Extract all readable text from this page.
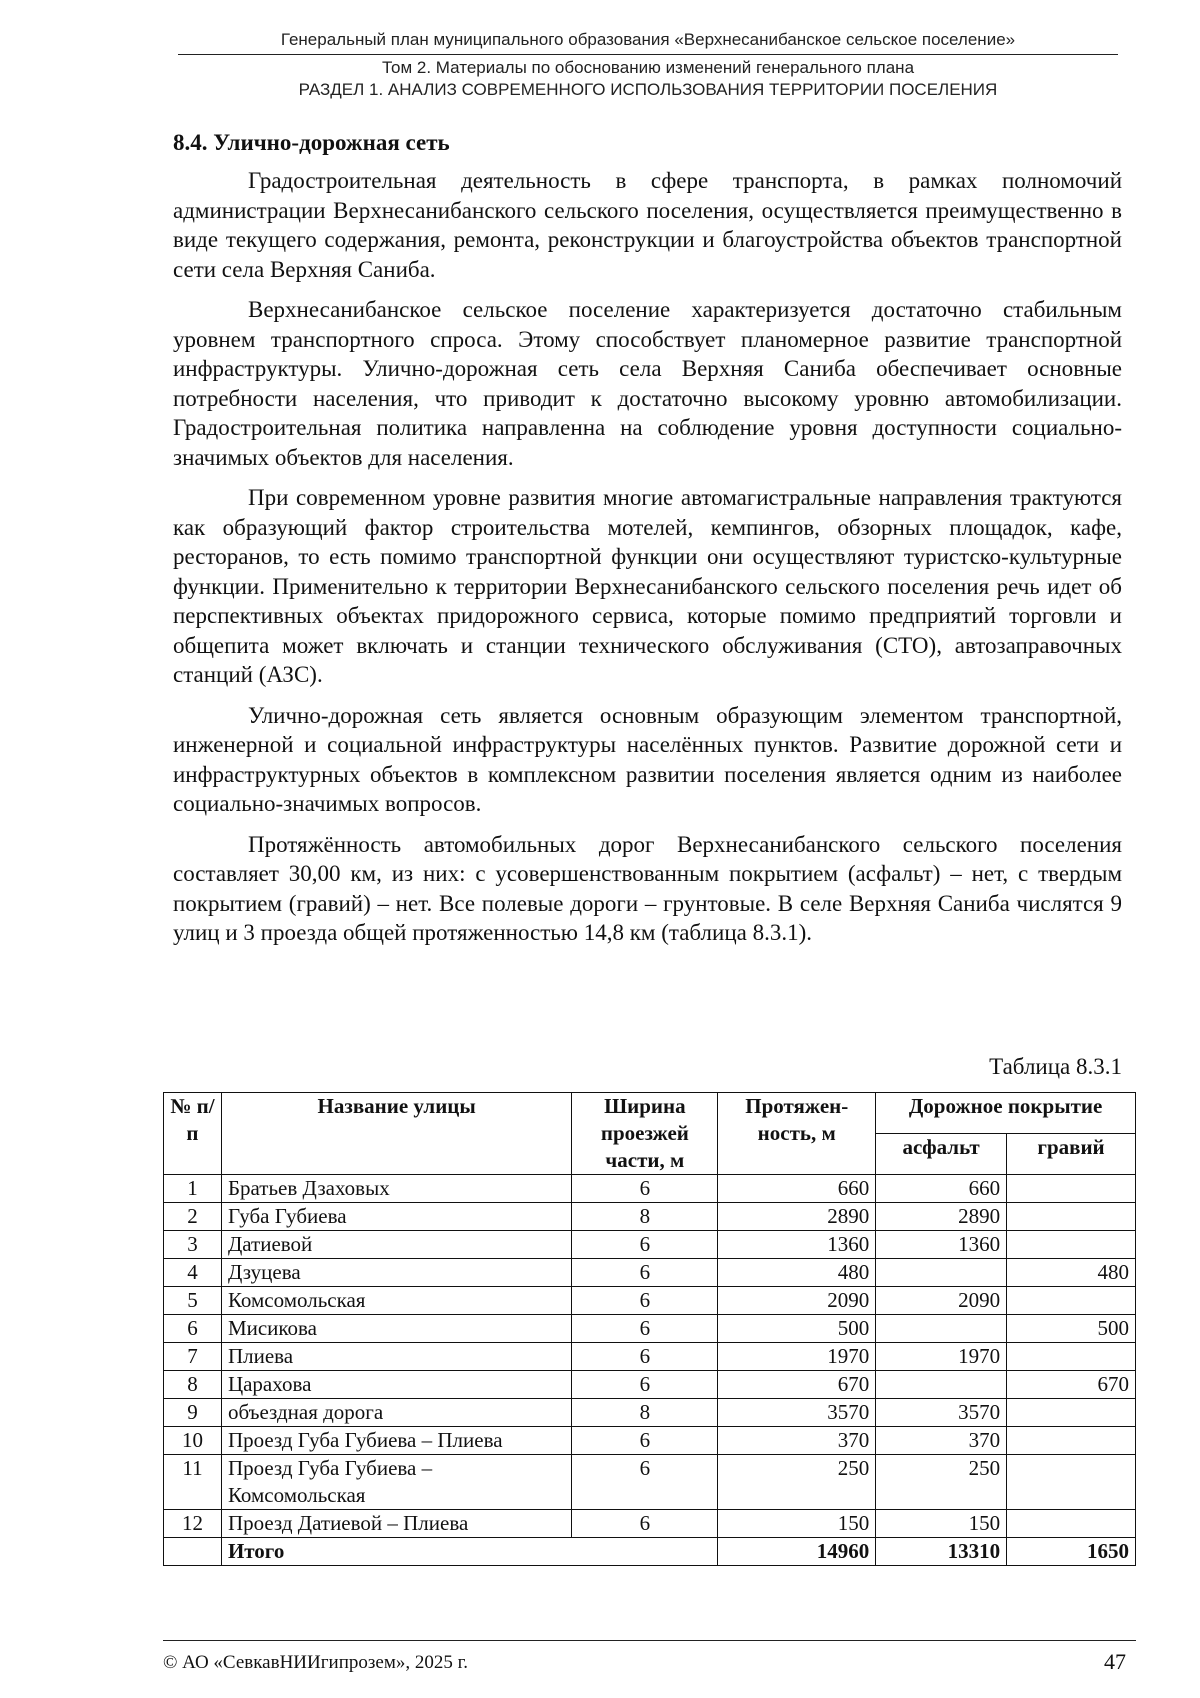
Генеральный план муниципального образования «Верхнесанибанское сельское поселение»
Том 2. Материалы по обоснованию изменений генерального плана
РАЗДЕЛ 1. АНАЛИЗ СОВРЕМЕННОГО ИСПОЛЬЗОВАНИЯ ТЕРРИТОРИИ ПОСЕЛЕНИЯ
8.4. Улично-дорожная сеть

Градостроительная деятельность в сфере транспорта, в рамках полномочий администрации Верхнесанибанского сельского поселения, осуществляется преимущественно в виде текущего содержания, ремонта, реконструкции и благоустройства объектов транспортной сети села Верхняя Саниба.

Верхнесанибанское сельское поселение характеризуется достаточно стабильным уровнем транспортного спроса. Этому способствует планомерное развитие транспортной инфраструктуры. Улично-дорожная сеть села Верхняя Саниба обеспечивает основные потребности населения, что приводит к достаточно высокому уровню автомобилизации. Градостроительная политика направленна на соблюдение уровня доступности социально-значимых объектов для населения.

При современном уровне развития многие автомагистральные направления трактуются как образующий фактор строительства мотелей, кемпингов, обзорных площадок, кафе, ресторанов, то есть помимо транспортной функции они осуществляют туристско-культурные функции. Применительно к территории Верхнесанибанского сельского поселения речь идет об перспективных объектах придорожного сервиса, которые помимо предприятий торговли и общепита может включать и станции технического обслуживания (СТО), автозаправочных станций (АЗС).

Улично-дорожная сеть является основным образующим элементом транспортной, инженерной и социальной инфраструктуры населённых пунктов. Развитие дорожной сети и инфраструктурных объектов в комплексном развитии поселения является одним из наиболее социально-значимых вопросов.

Протяжённость автомобильных дорог Верхнесанибанского сельского поселения составляет 30,00 км, из них: с усовершенствованным покрытием (асфальт) – нет, с твердым покрытием (гравий) – нет. Все полевые дороги – грунтовые. В селе Верхняя Саниба числятся 9 улиц и 3 проезда общей протяженностью 14,8 км (таблица 8.3.1).

Таблица 8.3.1
№ п/п	Название улицы	Ширина проезжей части, м	Протяжен-ность, м	Дорожное покрытие	
				асфальт	гравий
1	Братьев Дзаховых	6	660	660	
2	Губа Губиева	8	2890	2890	
3	Датиевой	6	1360	1360	
4	Дзуцева	6	480		480
5	Комсомольская	6	2090	2090	
6	Мисикова	6	500		500
7	Плиева	6	1970	1970	
8	Царахова	6	670		670
9	объездная дорога	8	3570	3570	
10	Проезд Губа Губиева – Плиева	6	370	370	
11	Проезд Губа Губиева – Комсомольская	6	250	250	
12	Проезд Датиевой – Плиева	6	150	150	
	Итого		14960	13310	1650
© АО «СевкавНИИгипрозем», 2025 г.	47
